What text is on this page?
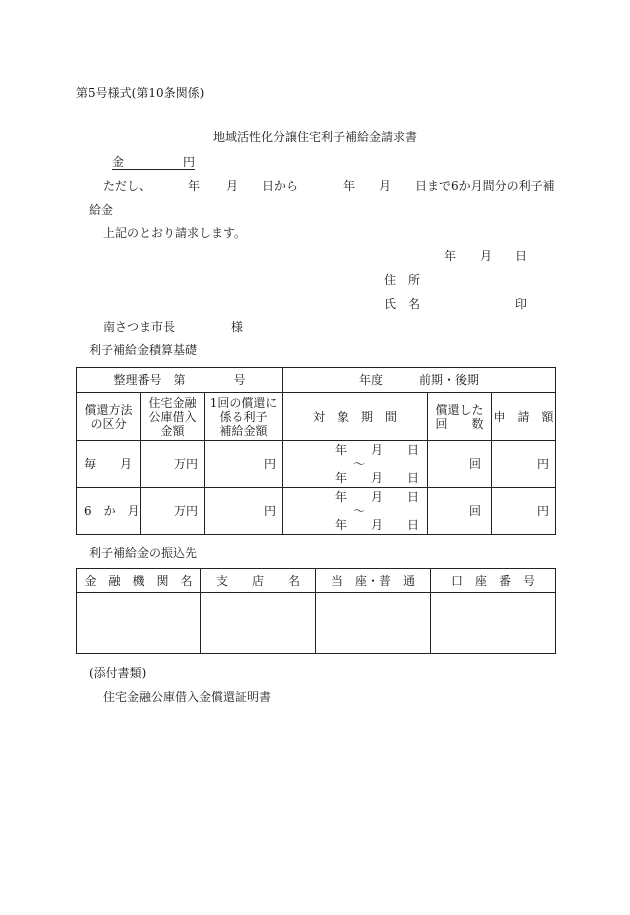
第5号様式(第10条関係)
地域活性化分譲住宅利子補給金請求書
金	円
ただし、	年 月 日から	年 月 日まで6か月間分の利子補
給金
上記のとおり請求します。
年 月 日
住　所
氏　名	印
南さつま市長	様
利子補給金積算基礎
整理番号　第　　　　号			年度　　　前期・後期		

償還方法
の区分	住宅金融
公庫借入
金額	1回の償還に
係る利子
補給金額	対　象　期　間	償還した
回　　数	申　請　額
毎　　月	万円	円	年　　月　　日
〜
年　　月　　日	回	円
6　か　月	万円	円	年　　月　　日
〜
年　　月　　日	回	円
利子補給金の振込先
金　融　機　関　名	支　　店　　名	当　座・普　通	口　座　番　号

(添付書類)
住宅金融公庫借入金償還証明書
